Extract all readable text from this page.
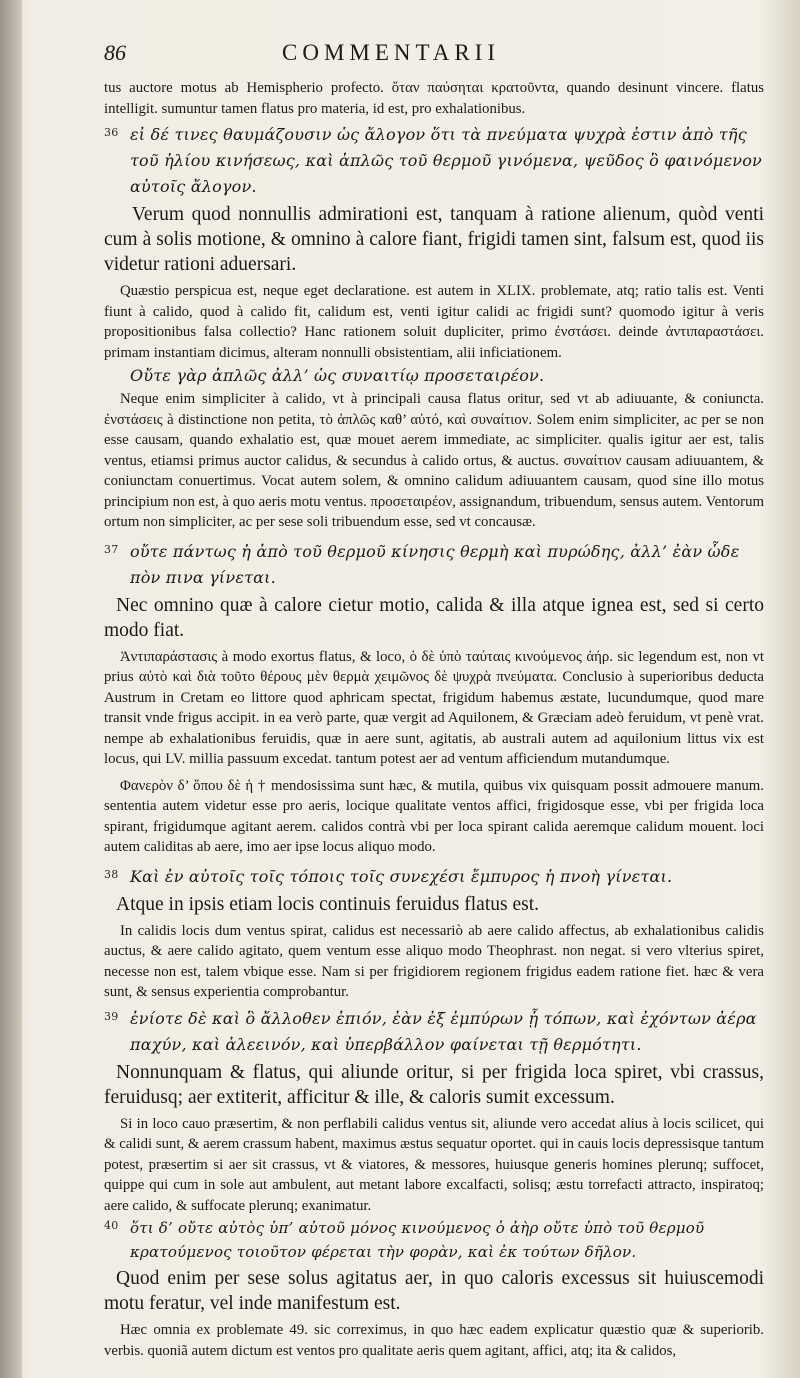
86	COMMENTARII

tus auctore motus ab Hemispherio profecto. ὅταν παύσηται κρατοῦντα, quando desinunt vincere. flatus intelligit. sumuntur tamen flatus pro materia, id est, pro exhalationibus.

36 εἰ δέ τινες θαυμάζουσιν ὡς ἄλογον ὅτι τὰ πνεύματα ψυχρὰ ἐστιν ἀπὸ τῆς τοῦ ἡλίου κινήσεως, καὶ ἁπλῶς τοῦ θερμοῦ γινόμενα, ψεῦδος ὃ φαινόμενον αὐτοῖς ἄλογον.

Verum quod nonnullis admirationi est, tanquam à ratione alienum, quòd venti cum à solis motione, & omnino à calore fiant, frigidi tamen sint, falsum est, quod iis videtur rationi aduersari.

Quæstio perspicua est, neque eget declaratione. est autem in XLIX. problemate, atq; ratio talis est. Venti fiunt à calido, quod à calido fit, calidum est, venti igitur calidi ac frigidi sunt? quomodo igitur à veris propositionibus falsa collectio? Hanc rationem soluit dupliciter, primo ἐνστάσει. deinde ἀντιπαραστάσει. primam instantiam dicimus, alteram nonnulli obsistentiam, alii inficiationem.

Οὔτε γὰρ ἁπλῶς ἀλλ’ ὡς συναιτίῳ προσεταιρέον.

Neque enim simpliciter à calido, vt à principali causa flatus oritur, sed vt ab adiuuante, & coniuncta. ἐνστάσεις à distinctione non petita, τὸ ἁπλῶς καθ’ αὑτό, καὶ συναίτιον. Solem enim simpliciter, ac per se non esse causam, quando exhalatio est, quæ mouet aerem immediate, ac simpliciter. qualis igitur aer est, talis ventus, etiamsi primus auctor calidus, & secundus à calido ortus, & auctus. συναίτιον causam adiuuantem, & coniunctam conuertimus. Vocat autem solem, & omnino calidum adiuuantem causam, quod sine illo motus principium non est, à quo aeris motu ventus. προσεταιρέον, assignandum, tribuendum, sensus autem. Ventorum ortum non simpliciter, ac per sese soli tribuendum esse, sed vt concausæ.

37 οὔτε πάντως ἡ ἀπὸ τοῦ θερμοῦ κίνησις θερμὴ καὶ πυρώδης, ἀλλ’ ἐὰν ὧδε πὸν πινα γίνεται.

Nec omnino quæ à calore cietur motio, calida & illa atque ignea est, sed si certo modo fiat.

Ἀντιπαράστασις à modo exortus flatus, & loco, ὁ δὲ ὑπὸ ταύταις κινούμενος ἀήρ. sic legendum est, non vt prius αὐτὸ καὶ διὰ τοῦτο θέρους μὲν θερμὰ χειμῶνος δὲ ψυχρὰ πνεύματα. Conclusio à superioribus deducta Austrum in Cretam eo littore quod aphricam spectat, frigidum habemus æstate, lucundumque, quod mare transit vnde frigus accipit. in ea verò parte, quæ vergit ad Aquilonem, & Græciam adeò feruidum, vt penè vrat. nempe ab exhalationibus feruidis, quæ in aere sunt, agitatis, ab australi autem ad aquilonium littus vix est locus, qui LV. millia passuum excedat. tantum potest aer ad ventum afficiendum mutandumque.

Φανερὸν δ’ ὅπου δὲ ἡ † mendosissima sunt hæc, & mutila, quibus vix quisquam possit admouere manum. sententia autem videtur esse pro aeris, locique qualitate ventos affici, frigidosque esse, vbi per frigida loca spirant, frigidumque agitant aerem. calidos contrà vbi per loca spirant calida aeremque calidum mouent. loci autem caliditas ab aere, imo aer ipse locus aliquo modo.

38 Καὶ ἐν αὐτοῖς τοῖς τόποις τοῖς συνεχέσι ἔμπυρος ἡ πνοὴ γίνεται.

Atque in ipsis etiam locis continuis feruidus flatus est.

In calidis locis dum ventus spirat, calidus est necessariò ab aere calido affectus, ab exhalationibus calidis auctus, & aere calido agitato, quem ventum esse aliquo modo Theophrast. non negat. si vero vlterius spiret, necesse non est, talem vbique esse. Nam si per frigidiorem regionem frigidus eadem ratione fiet. hæc & vera sunt, & sensus experientia comprobantur.

39 ἐνίοτε δὲ καὶ ὃ ἄλλοθεν ἐπιόν, ἐὰν ἐξ ἐμπύρων ᾖ τόπων, καὶ ἐχόντων ἀέρα παχύν, καὶ ἀλεεινόν, καὶ ὑπερβάλλον φαίνεται τῇ θερμότητι.

Nonnunquam & flatus, qui aliunde oritur, si per frigida loca spiret, vbi crassus, feruidusq; aer extiterit, afficitur & ille, & caloris sumit excessum.

Si in loco cauo præsertim, & non perflabili calidus ventus sit, aliunde vero accedat alius à locis scilicet, qui & calidi sunt, & aerem crassum habent, maximus æstus sequatur oportet. qui in cauis locis depressisque tantum potest, præsertim si aer sit crassus, vt & viatores, & messores, huiusque generis homines plerunq; suffocet, quippe qui cum in sole aut ambulent, aut metant labore excalfacti, solisq; æstu torrefacti attracto, inspiratoq; aere calido, & suffocate plerunq; exanimatur.

40 ὅτι δ’ οὔτε αὐτὸς ὑπ’ αὐτοῦ μόνος κινούμενος ὁ ἀὴρ οὔτε ὑπὸ τοῦ θερμοῦ κρατούμενος τοιοῦτον φέρεται τὴν φορὰν, καὶ ἐκ τούτων δῆλον.

Quod enim per sese solus agitatus aer, in quo caloris excessus sit huiuscemodi motu feratur, vel inde manifestum est.

Hæc omnia ex problemate 49. sic correximus, in quo hæc eadem explicatur quæstio quæ & superiorib. verbis. quoniã autem dictum est ventos pro qualitate aeris quem agitant, affici, atq; ita & calidos,
